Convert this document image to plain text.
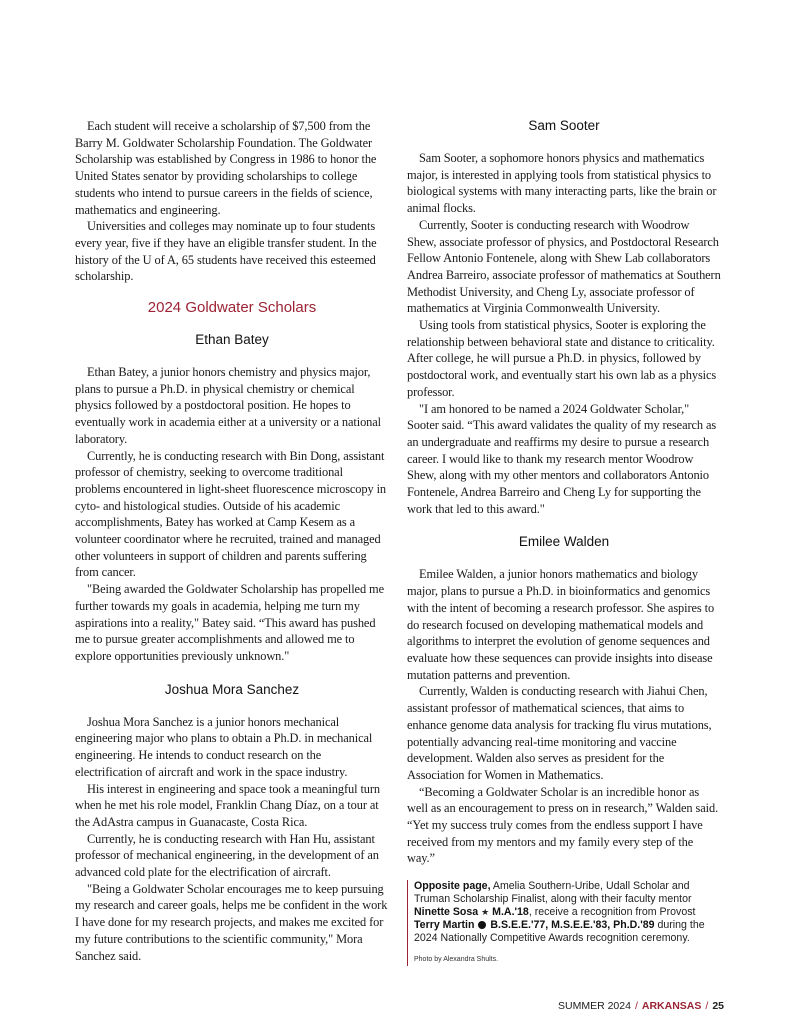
Each student will receive a scholarship of $7,500 from the Barry M. Goldwater Scholarship Foundation. The Goldwater Scholarship was established by Congress in 1986 to honor the United States senator by providing scholarships to college students who intend to pursue careers in the fields of science, mathematics and engineering.

Universities and colleges may nominate up to four students every year, five if they have an eligible transfer student. In the history of the U of A, 65 students have received this esteemed scholarship.

2024 Goldwater Scholars
Ethan Batey

Ethan Batey, a junior honors chemistry and physics major, plans to pursue a Ph.D. in physical chemistry or chemical physics followed by a postdoctoral position. He hopes to eventually work in academia either at a university or a national laboratory.

Currently, he is conducting research with Bin Dong, assistant professor of chemistry, seeking to overcome traditional problems encountered in light-sheet fluorescence microscopy in cyto- and histological studies. Outside of his academic accomplishments, Batey has worked at Camp Kesem as a volunteer coordinator where he recruited, trained and managed other volunteers in support of children and parents suffering from cancer.

"Being awarded the Goldwater Scholarship has propelled me further towards my goals in academia, helping me turn my aspirations into a reality," Batey said. “This award has pushed me to pursue greater accomplishments and allowed me to explore opportunities previously unknown."

Joshua Mora Sanchez

Joshua Mora Sanchez is a junior honors mechanical engineering major who plans to obtain a Ph.D. in mechanical engineering. He intends to conduct research on the electrification of aircraft and work in the space industry.

His interest in engineering and space took a meaningful turn when he met his role model, Franklin Chang Díaz, on a tour at the AdAstra campus in Guanacaste, Costa Rica.

Currently, he is conducting research with Han Hu, assistant professor of mechanical engineering, in the development of an advanced cold plate for the electrification of aircraft.

"Being a Goldwater Scholar encourages me to keep pursuing my research and career goals, helps me be confident in the work I have done for my research projects, and makes me excited for my future contributions to the scientific community," Mora Sanchez said.

Sam Sooter

Sam Sooter, a sophomore honors physics and mathematics major, is interested in applying tools from statistical physics to biological systems with many interacting parts, like the brain or animal flocks.

Currently, Sooter is conducting research with Woodrow Shew, associate professor of physics, and Postdoctoral Research Fellow Antonio Fontenele, along with Shew Lab collaborators Andrea Barreiro, associate professor of mathematics at Southern Methodist University, and Cheng Ly, associate professor of mathematics at Virginia Commonwealth University.

Using tools from statistical physics, Sooter is exploring the relationship between behavioral state and distance to criticality. After college, he will pursue a Ph.D. in physics, followed by postdoctoral work, and eventually start his own lab as a physics professor.

"I am honored to be named a 2024 Goldwater Scholar," Sooter said. “This award validates the quality of my research as an undergraduate and reaffirms my desire to pursue a research career. I would like to thank my research mentor Woodrow Shew, along with my other mentors and collaborators Antonio Fontenele, Andrea Barreiro and Cheng Ly for supporting the work that led to this award."

Emilee Walden

Emilee Walden, a junior honors mathematics and biology major, plans to pursue a Ph.D. in bioinformatics and genomics with the intent of becoming a research professor. She aspires to do research focused on developing mathematical models and algorithms to interpret the evolution of genome sequences and evaluate how these sequences can provide insights into disease mutation patterns and prevention.

Currently, Walden is conducting research with Jiahui Chen, assistant professor of mathematical sciences, that aims to enhance genome data analysis for tracking flu virus mutations, potentially advancing real-time monitoring and vaccine development. Walden also serves as president for the Association for Women in Mathematics.

“Becoming a Goldwater Scholar is an incredible honor as well as an encouragement to press on in research,” Walden said. “Yet my success truly comes from the endless support I have received from my mentors and my family every step of the way.”

Opposite page, Amelia Southern-Uribe, Udall Scholar and Truman Scholarship Finalist, along with their faculty mentor Ninette Sosa ★ M.A.'18, receive a recognition from Provost Terry Martin B.S.E.E.'77, M.S.E.E.'83, Ph.D.'89 during the 2024 Nationally Competitive Awards recognition ceremony.
Photo by Alexandra Shults.
SUMMER 2024 / ARKANSAS / 25
